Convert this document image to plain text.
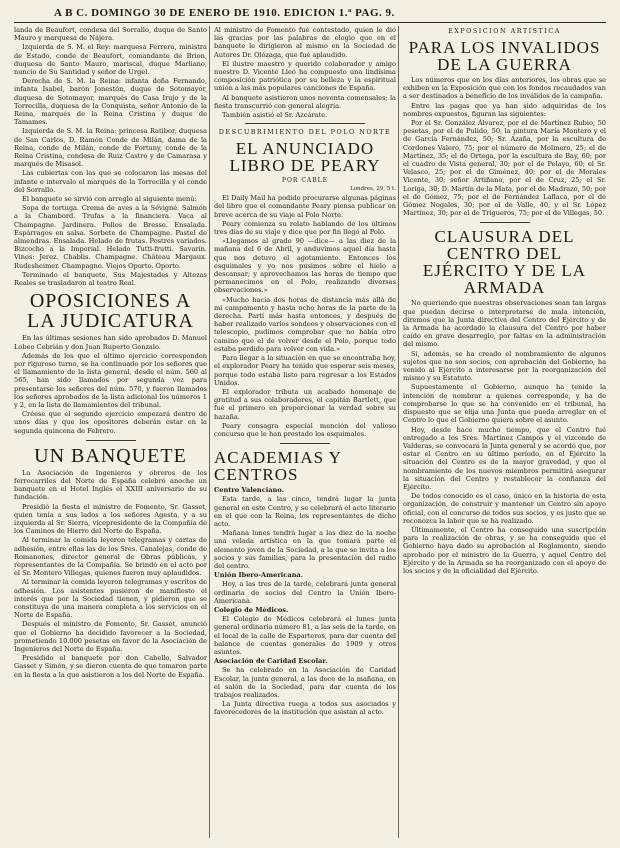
A B C. DOMINGO 30 DE ENERO DE 1910. EDICION 1.ª PAG. 9.

landa de Beaufort, condesa del Sorrallo, duque de Santo Mauro y marquesa de Nájera.

Izquierda de S. M. el Rey: marquesa Ferrera, ministra de Estado, conde de Beaufort, comandante de Brion, duquesa de Santo Mauro, mariscal, duque Marliano, nuncio de Su Santidad y señor de Urgel.

Derecha de S. M. la Reina: infanta doña Fernando, infanta Isabel, barón Jonestón, duque de Sotomayor, duquesa de Sotomayor, marqués de Casa Irujo y de la Torrecilla, duquesa de la Conquista, señor Antonio de la Reina, marqués de la Reina Cristina y duque de Tamames.

Izquierda de S. M. la Reina: princesa Ratibor, duquesa de San Carlos, D. Ramón Conde de Milán, dama de la Reina, conde de Milán, conde de Fortuny, conde de la Reina Cristina, condesa de Ruiz Castro y de Camarasa y marqués de Misasol.

Las cubiertas con las que se colocaron las mesas del infante e intervalo el marqués de la Torrecilla y el conde del Sorrallo.

El banquete se sirvió con arreglo al siguiente menú:

Sopa de tortuga. Crema de aves a la Sévigné. Salmón a la Chambord. Trufas a la financiera. Vaca al Champagne. Jardinera. Pollos de Bresse. Ensalada. Espárragos en salsa. Sorbete de Champagne. Pastel de almendras. Ensalada. Helado de frutas. Postres variados. Bizcocho a la Imperial. Helado Tutti-frutti. Savarín. Vinos: Jerez. Chablis. Champagne. Château Margaux. Rudesheimer. Champagne. Viejos Oporto. Oporto.

Terminado el banquete, Sus Majestades y Altezas Reales se trasladaron al teatro Real.

OPOSICIONES A LA JUDICATURA

En las últimas sesiones han sido aprobados D. Manuel Lobeo Cebrián y don Juan Ruperto Gonzalo.

Además de los que el último ejercicio corresponden por riguroso turno, se ha continuado por los señores que el llamamiento de la lista general, desde el núm. 560 al 565, han sido llamados por segunda vez para presentarse los señores del núm. 570, y fueron llamados los señores aprobados de la lista adicional los números 1 y 2, en la lista de llamamientos del tribunal.

Créese que el segundo ejercicio empezará dentro de unos días y que los opositores deberán estar en la segunda quincena de Febrero.

UN BANQUETE

La Asociación de Ingenieros y obreros de los ferrocarriles del Norte de España celebró anoche un banquete en el Hotel Inglés el XXIII aniversario de su fundación.

Presidió la fiesta el ministro de Fomento, Sr. Gasset, quien tenía a sus lados a los señores Agesta, y a su izquierda al Sr. Sierra, vicepresidente de la Compañía de los Caminos de Hierro del Norte de España.

Al terminar la comida leyeron telegramas y cartas de adhesión, entre ellas las de los Sres. Canalejas, conde de Romanones, director general de Obras públicas, y representantes de la Compañía. Se brindó en el acto por el Sr. Montero Villegas, quienes fueron muy aplaudidos.

Al terminar la comida leyeron telegramas y escritos de adhesión. Los asistentes pusieron de manifiesto el interés que por la Sociedad tienen, y pidieron que se constituya de una manera completa a los servicios en el Norte de España.

Después el ministro de Fomento, Sr. Gasset, anunció que el Gobierno ha decidido favorecer a la Sociedad, prometiendo 10.000 pesetas en favor de la Asociación de Ingenieros del Norte de España.

Presidido el banquete por don Cabello, Salvador Gasset y Simón, y se dieron cuenta de que tomaron parte en la fiesta a la que asistieron a los del Norte de España.

Al ministro de Fomento fué contestado, quien le dió las gracias por las palabras de elogio que en el banquete le dirigieron al mismo en la Sociedad de Autores Dr. Olózaga, que fué aplaudido.

El ilustre maestro y querido colaborador y amigo nuestro D. Vicente Lleó ha compuesto una lindísima composición patriótica por su belleza y la espiritual unión a las más populares canciones de España.

Al banquete asistieron unos noventa comensales; la fiesta transcurrió con general alegría.

También asistió el Sr. Azcárate.

DESCUBRIMIENTO DEL POLO NORTE
EL ANUNCIADO LIBRO DE PEARY
POR CABLE
Londres, 29, 5 t.

El Daily Mail ha podido procurarse algunas páginas del libro que el comandante Peary piensa publicar en breve acerca de su viaje al Polo Norte.

Peary comienza su relato hablando de los últimos tres días de su viaje y dice que por fin llegó al Polo.

«Llegamos al grado 90 —dice— a las diez de la mañana del 6 de Abril, y anduvimos aquel día hasta que nos detuvo el agotamiento. Entonces los esquimales y yo nos pusimos sobre el hielo a descansar; y aprovechamos las horas de tiempo que permanecimos en el Polo, realizando diversas observaciones.»

«Mucho hacía dos horas de distancia más allá de mi campamento y hasta ocho horas de la parte de la derecha. Partí más hasta entonces, y después de haber realizado varios sondeos y observaciones con el telescopio, pudimos comprobar que no había otro camino que el de volver desde el Polo, porque todo estaba perdido para volver con vida.»

Para llegar a la situación en que se encontraba hoy, el explorador Peary ha tenido que esperar seis meses, porque todo estaba listo para regresar a los Estados Unidos.

El explorador tributa un acabado homenaje de gratitud a sus colaboradores, el capitán Bartlett, que fué el primero en proporcionar la verdad sobre su hazaña.

Peary consagra especial mención del valioso concurso que le han prestado los esquimales.

ACADEMIAS Y CENTROS

Centro Valenciano.

Esta tarde, a las cinco, tendrá lugar la junta general en este Centro, y se celebrará el acto literario en el que con la Reina, los representantes de dicho acto.

Mañana lunes tendrá lugar a las diez de la noche una velada artística en la que tomará parte el elemento joven de la Sociedad, a la que se invita a los socios y sus familias, para la presentación del radio del centro.

Unión Ibero-Americana.

Hoy, a las tres de la tarde, celebrará junta general ordinaria de socios del Centro la Unión Ibero-Americana.

Colegio de Médicos.

El Colegio de Médicos celebrará el lunes junta general ordinaria número 81, a las seis de la tarde, en el local de la calle de Esparteros, para dar cuenta del balance de cuentas generales de 1909 y otros asuntos.

Asociación de Caridad Escolar.

Se ha celebrado en la Asociación de Caridad Escolar, la junta general, a las doce de la mañana, en el salón de la Sociedad, para dar cuenta de los trabajos realizados.

La Junta directiva ruega a todos sus asociados y favorecedores de la institución que asistan al acto.

EXPOSICION ARTISTICA
PARA LOS INVALIDOS DE LA GUERRA

Los números que en los días anteriores, los obras que se exhiben en la Exposición que con los fondos recaudados van a ser destinados a beneficio de los inválidos de la campaña.

Entre las pagas que ya han sido adquiridas de los nombres expuestos, figuran las siguientes:

Por el Sr. González Álvarez, por el de Martínez Rubio, 50 pesetas, por el de Pulido, 50, la pintura María Montero y el de García Fernández, 50; Sr. Azaña, por la escultura de Cordones Valero, 75; por el número de Molinero, 25; el de Martínez, 35; el de Ortega, por la escultura de Bay, 60; por el cuadro de Vista general, 30; por el de Pelayo, 60; el Sr. Velasco, 25; por el de Giménez, 40; por el de Morales Vicente, 30; señor Artiñano, por el de Cruz, 25; el Sr. Loriga, 30; D. Martín de la Mata, por el de Madrazo, 50; por el de Gómez, 75; por el de Fernández Laflaca, por el de Gómez Nogales, 30; por el de Valle, 40, y el Sr. López Martínez, 30; por el de Trigueros, 75; por el de Villegas, 50.

CLAUSURA DEL CENTRO DEL EJÉRCITO Y DE LA ARMADA

No queriendo que nuestras observaciones sean tan largas que puedan decirse o interpretarse de mala intención, diremos que la Junta directiva del Centro del Ejército y de la Armada ha acordado la clausura del Centro por haber caído en grave desarreglo, por faltas en la administración del mismo.

Si, además, se ha creado el nombramiento de algunos sujetos que no son socios, con aprobación del Gobierno, ha venido al Ejército a interesarse por la reorganización del mismo y su Estatuto.

Supuestamente el Gobierno, aunque ha tenido la intención de nombrar a quienes corresponde, y ha de comprobarse lo que se ha convenido en el tribunal, ha dispuesto que se elija una Junta que pueda arreglar en el Centro lo que el Gobierno quiera sobre el asunto.

Hoy, desde hace mucho tiempo, que el Centro fué entregado a los Sres. Martínez Campos y el vizconde de Valderas, se convocará la Junta general y se acordó que, por estar el Centro en su último período, en el Ejército la situación del Centro es de la mayor gravedad, y que el nombramiento de los nuevos miembros permitirá asegurar la situación del Centro y restablecer la confianza del Ejército.

De todos conocido es el caso, único en la historia de esta organización, de construir y mantener un Centro sin apoyo oficial, con el concurso de todos sus socios, y es justo que se reconozca la labor que se ha realizado.

Últimamente, el Centro ha conseguido una suscripción para la realización de obras, y se ha conseguido que el Gobierno haya dado su aprobación al Reglamento, siendo aprobado por el ministro de la Guerra, y aquel Centro del Ejército y de la Armada se ha reorganizado con el apoyo de los socios y de la oficialidad del Ejército.
